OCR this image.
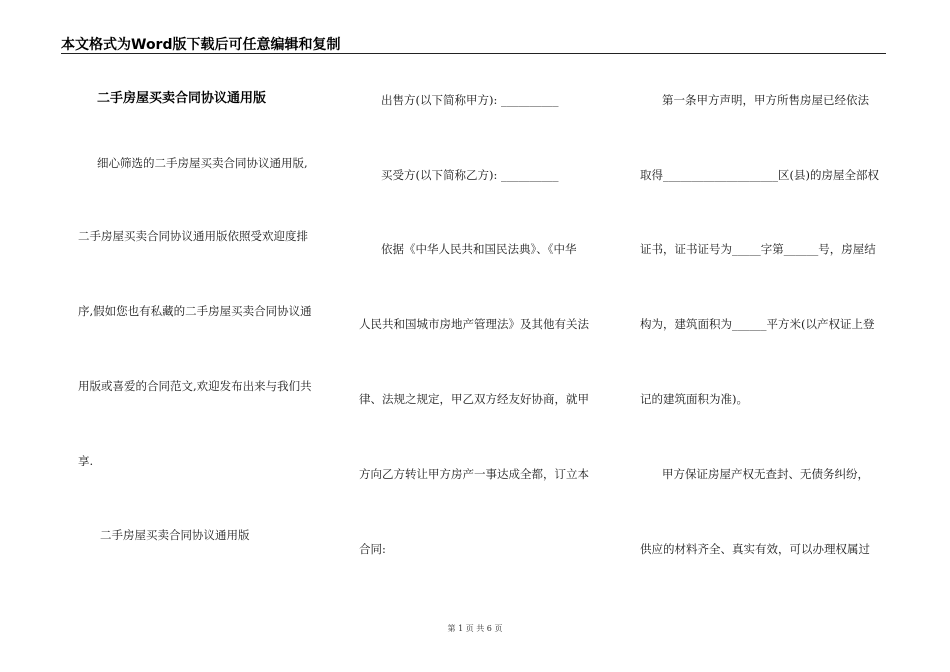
本文格式为Word版下载后可任意编辑和复制
二手房屋买卖合同协议通用版
细心筛选的二手房屋买卖合同协议通用版,
二手房屋买卖合同协议通用版依照受欢迎度排
序,假如您也有私藏的二手房屋买卖合同协议通
用版或喜爱的合同范文,欢迎发布出来与我们共
享.
二手房屋买卖合同协议通用版
出售方(以下简称甲方): __________
买受方(以下简称乙方): __________
依据《中华人民共和国民法典》、《中华
人民共和国城市房地产管理法》及其他有关法
律、法规之规定，甲乙双方经友好协商，就甲
方向乙方转让甲方房产一事达成全都，订立本
合同:
第一条甲方声明，甲方所售房屋已经依法
取得____________________区(县)的房屋全部权
证书，证书证号为_____字第______号，房屋结
构为，建筑面积为______平方米(以产权证上登
记的建筑面积为准)。
甲方保证房屋产权无查封、无债务纠纷，
供应的材料齐全、真实有效，可以办理权属过
第 1 页 共 6 页
